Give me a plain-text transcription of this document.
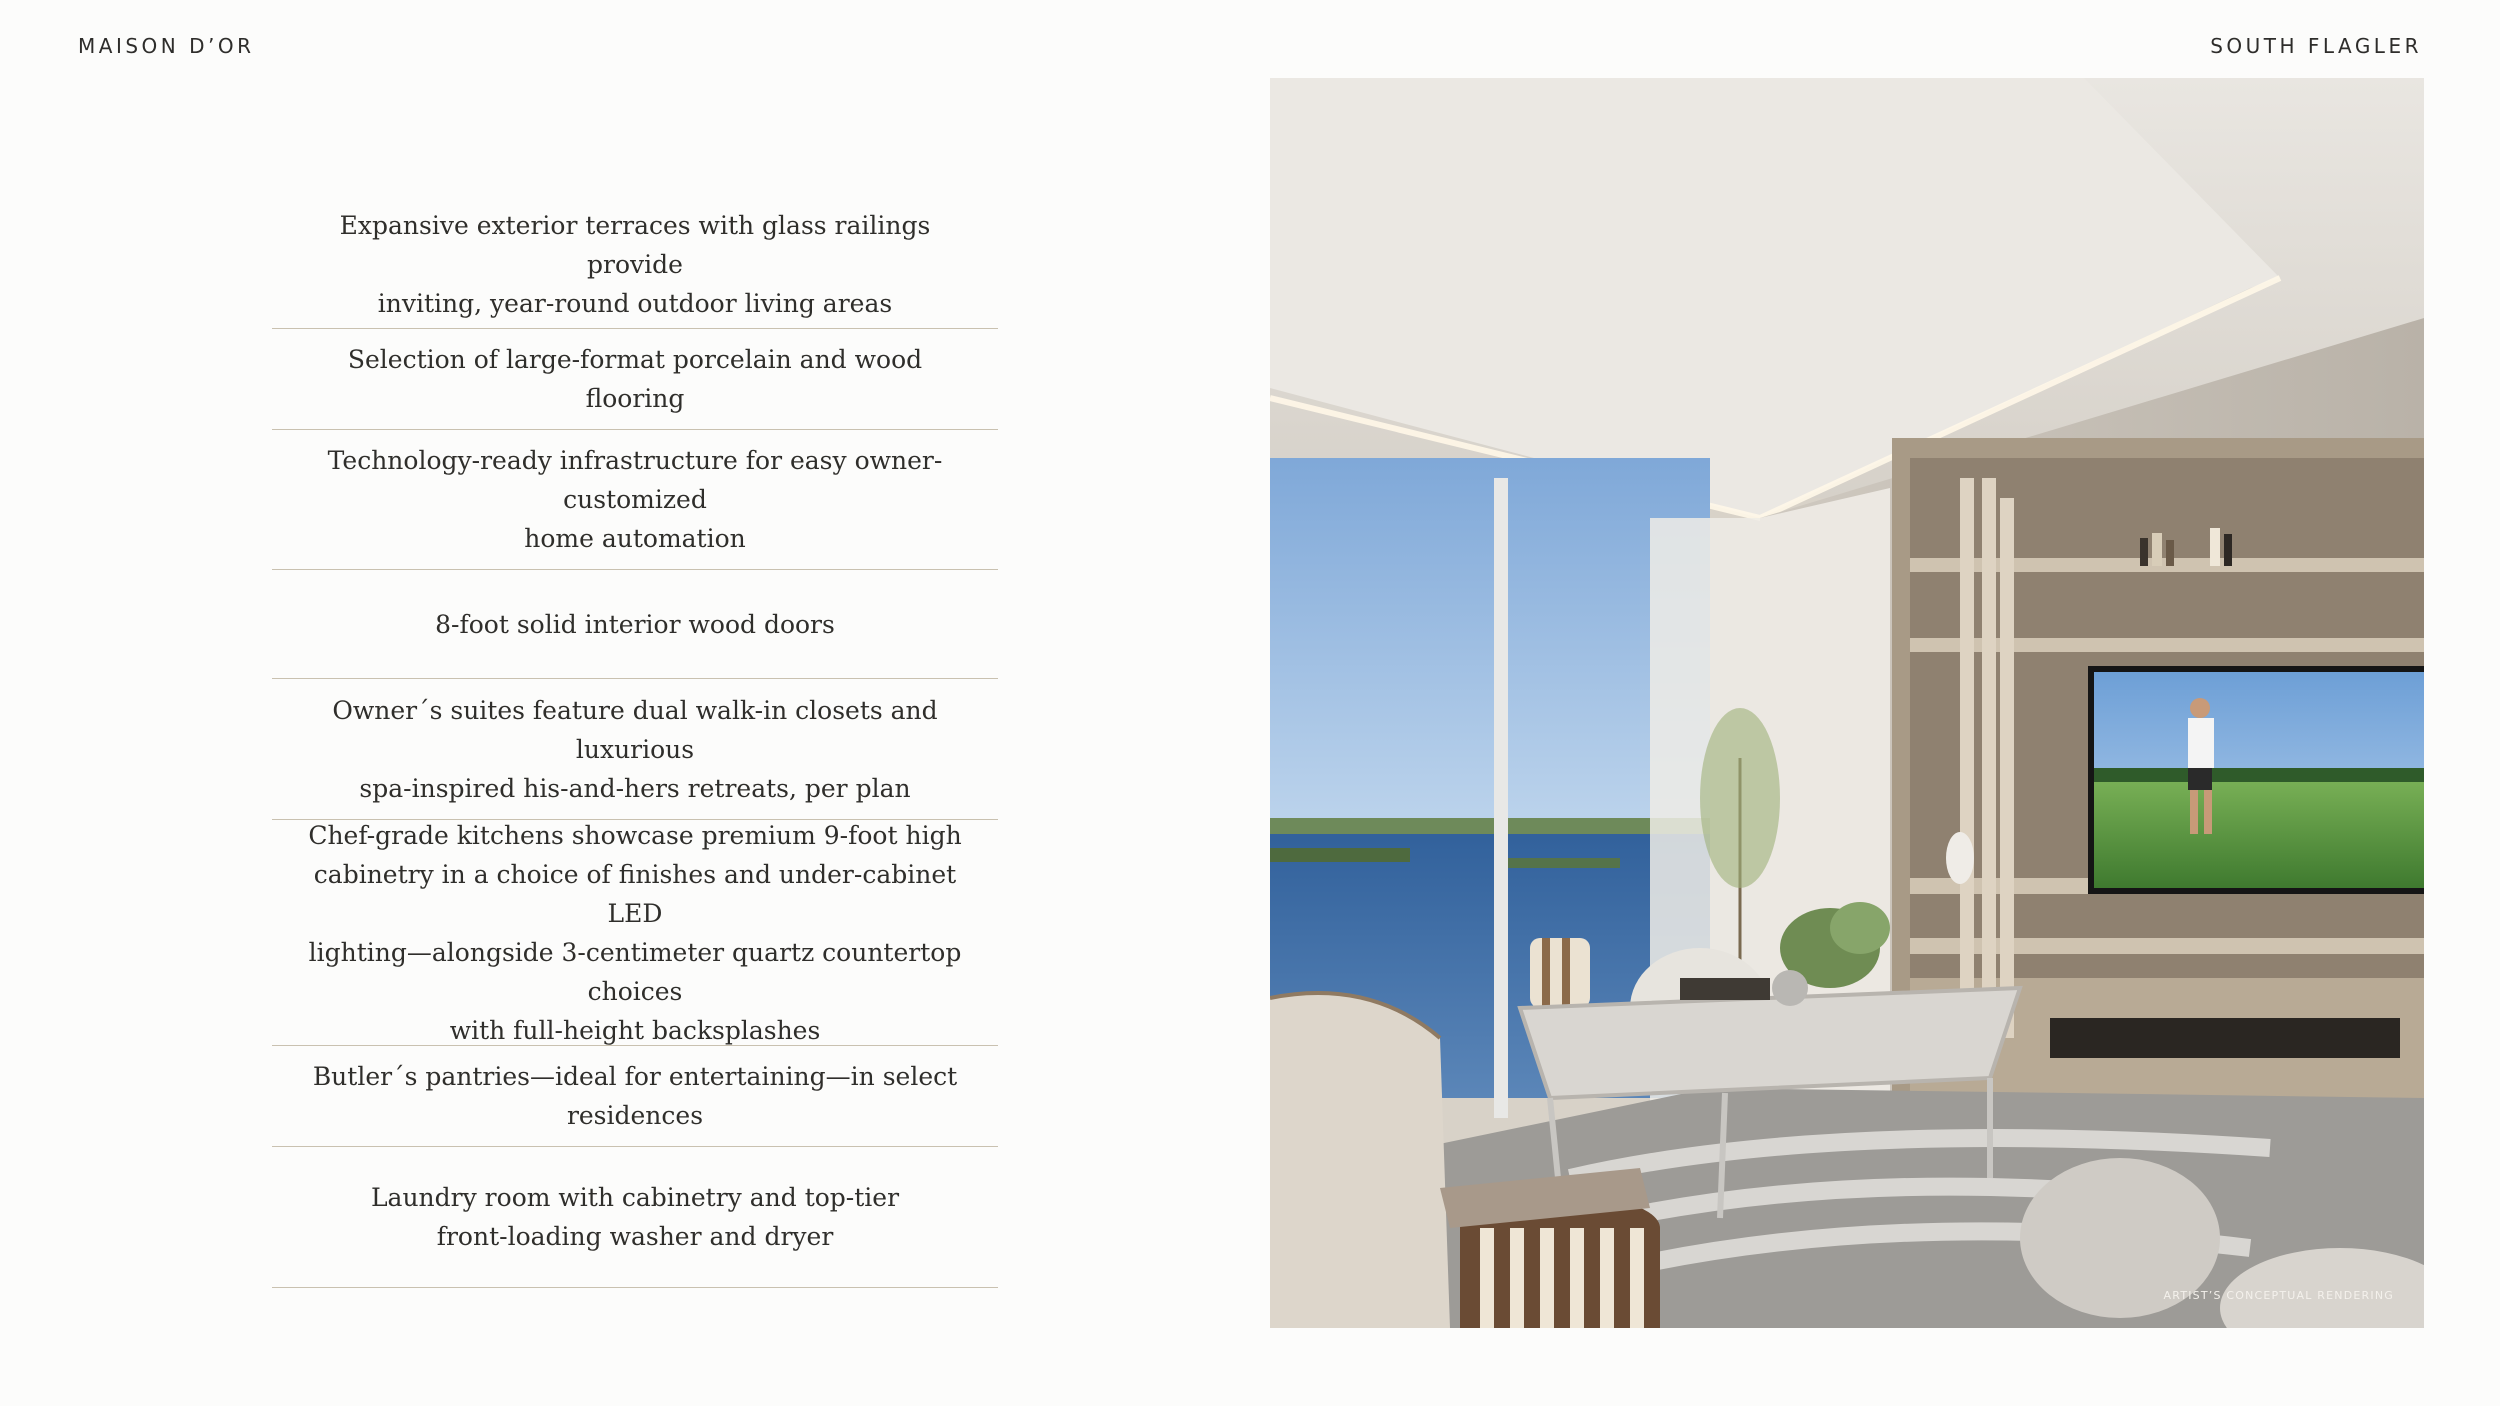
MAISON D’OR	SOUTH FLAGLER
Expansive exterior terraces with glass railings provide
inviting, year-round outdoor living areas
Selection of large-format porcelain and wood flooring
Technology-ready infrastructure for easy owner-customized
home automation
8-foot solid interior wood doors
Owner´s suites feature dual walk-in closets and luxurious
spa-inspired his-and-hers retreats, per plan
Chef-grade kitchens showcase premium 9-foot high
cabinetry in a choice of finishes and under-cabinet LED
lighting—alongside 3-centimeter quartz countertop choices
with full-height backsplashes
Butler´s pantries—ideal for entertaining—in select residences
Laundry room with cabinetry and top-tier
front-loading washer and dryer
ARTIST’S CONCEPTUAL RENDERING
